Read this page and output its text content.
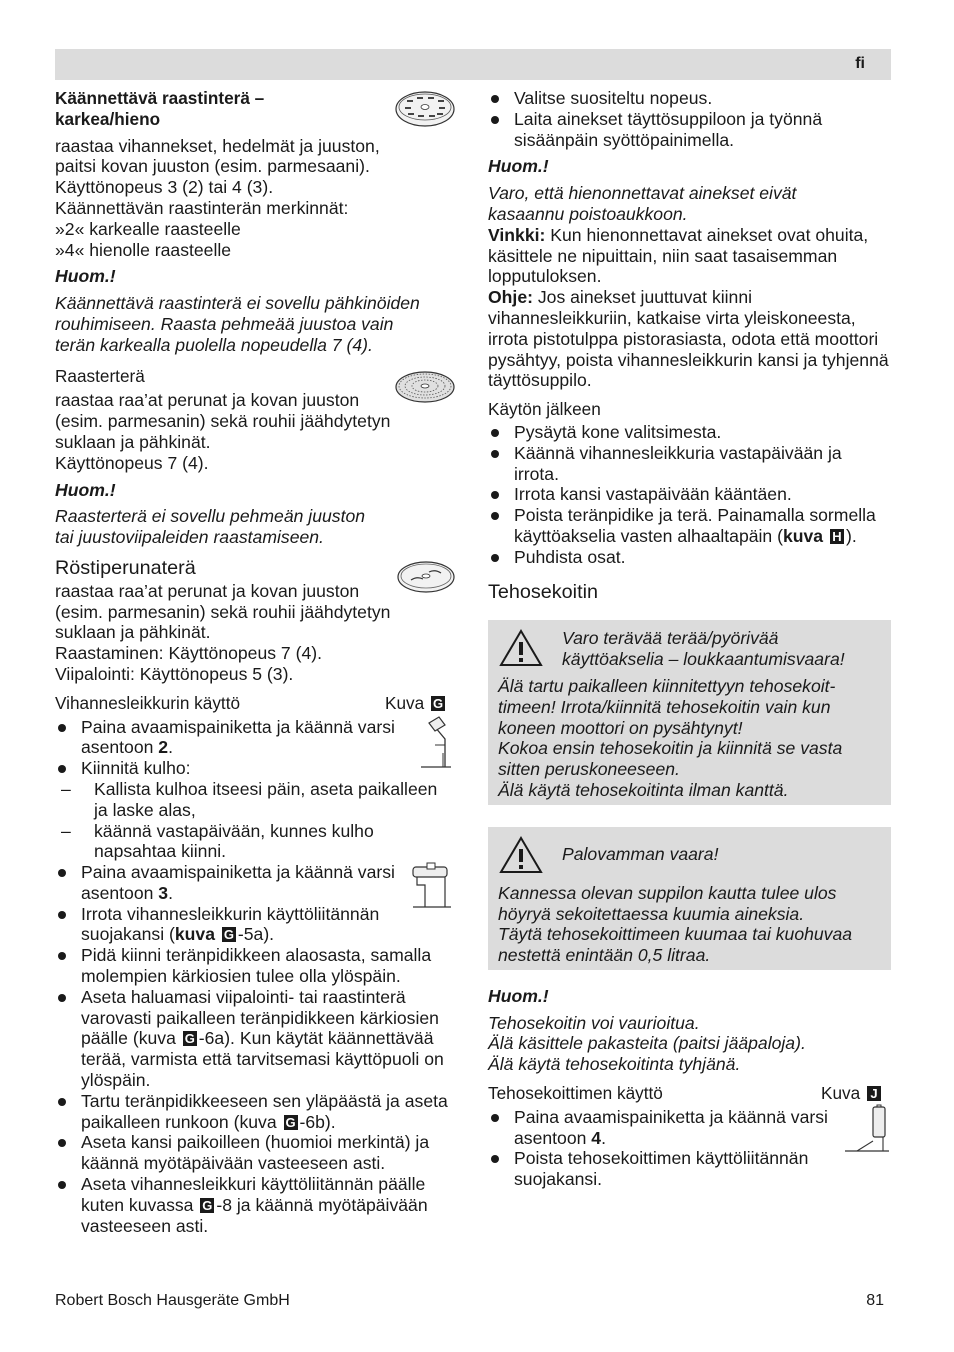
fi

Käännettävä raastinterä – karkea/hieno

raastaa vihannekset, hedelmät ja juuston,

paitsi kovan juuston (esim. parmesaani).

Käyttönopeus 3 (2) tai 4 (3).

Käännettävän raastinterän merkinnät:

»2« karkealle raasteelle

»4« hienolle raasteelle

Huom.!

Käännettävä raastinterä ei sovellu pähkinöiden

rouhimiseen. Raasta pehmeää juustoa vain

terän karkealla puolella nopeudella 7 (4).

Raasterterä

raastaa raa’at perunat ja kovan juuston

(esim. parmesanin) sekä rouhii jäähdytetyn

suklaan ja pähkinät.

Käyttönopeus 7 (4).

Huom.!

Raasterterä ei sovellu pehmeän juuston

tai juustoviipaleiden raastamiseen.

Röstiperunaterä

raastaa raa’at perunat ja kovan juuston

(esim. parmesanin) sekä rouhii jäähdytetyn

suklaan ja pähkinät.

Raastaminen: Käyttönopeus 7 (4).

Viipalointi: Käyttönopeus 5 (3).

Vihannesleikkurin käyttö	Kuva G
Paina avaamispainiketta ja käännä varsi asentoon 2.
Kiinnitä kulho:
– Kallista kulhoa itseesi päin, aseta paikalleen ja laske alas,
– käännä vastapäivään, kunnes kulho napsahtaa kiinni.
Paina avaamispainiketta ja käännä varsi asentoon 3.
Irrota vihannesleikkurin käyttöliitännän suojakansi (kuva G -5a).
Pidä kiinni teränpidikkeen alaosasta, samalla molempien kärkiosien tulee olla ylöspäin.
Aseta haluamasi viipalointi- tai raastinterä varovasti paikalleen teränpidikkeen kärkiosien päälle (kuva G -6a). Kun käytät käännettävää terää, varmista että tarvitsemasi käyttöpuoli on ylöspäin.
Tartu teränpidikkeeseen sen yläpäästä ja aseta paikalleen runkoon (kuva G -6b).
Aseta kansi paikoilleen (huomioi merkintä) ja käännä myötäpäivään vasteeseen asti.
Aseta vihannesleikkuri käyttöliitännän päälle kuten kuvassa G -8 ja käännä myötäpäivään vasteeseen asti.
Valitse suositeltu nopeus.
Laita ainekset täyttösuppiloon ja työnnä sisäänpäin syöttöpainimella.

Huom.!

Varo, että hienonnettavat ainekset eivät

kasaannu poistoaukkoon.

Vinkki: Kun hienonnettavat ainekset ovat ohuita, käsittele ne nipuittain, niin saat tasaisemman lopputuloksen.

Ohje: Jos ainekset juuttuvat kiinni vihannesleikkuriin, katkaise virta yleiskoneesta, irrota pistotulppa pistorasiasta, odota että moottori pysähtyy, poista vihannesleikkurin kansi ja tyhjennä täyttösuppilo.

Käytön jälkeen

Pysäytä kone valitsimesta.
Käännä vihannesleikkuria vastapäivään ja irrota.
Irrota kansi vastapäivään kääntäen.
Poista teränpidike ja terä. Painamalla sormella käyttöakselia vasten alhaaltapäin (kuva H ).
Puhdista osat.

Tehosekoitin

Varo terävää terää/pyörivää

käyttöakselia – loukkaantumisvaara!

Älä tartu paikalleen kiinnitettyyn tehosekoit-

timeen! Irrota/kiinnitä tehosekoitin vain kun

koneen moottori on pysähtynyt!

Kokoa ensin tehosekoitin ja kiinnitä se vasta

sitten peruskoneeseen.

Älä käytä tehosekoitinta ilman kanttä.

Palovamman vaara!

Kannessa olevan suppilon kautta tulee ulos

höyryä sekoitettaessa kuumia aineksia.

Täytä tehosekoittimeen kuumaa tai kuohuvaa

nestettä enintään 0,5 litraa.

Huom.!

Tehosekoitin voi vaurioitua.

Älä käsittele pakasteita (paitsi jääpaloja).

Älä käytä tehosekoitinta tyhjänä.

Tehosekoittimen käyttö	Kuva J
Paina avaamispainiketta ja käännä varsi asentoon 4.
Poista tehosekoittimen käyttöliitännän suojakansi.
Robert Bosch Hausgeräte GmbH	81
